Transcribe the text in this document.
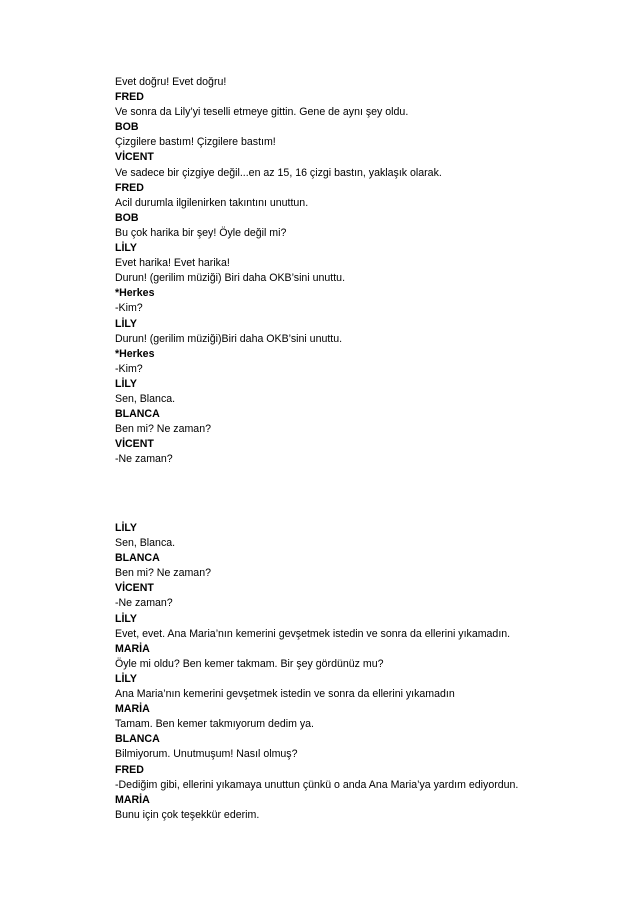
Evet doğru! Evet doğru!
FRED
Ve sonra da Lily’yi teselli etmeye gittin. Gene de aynı şey oldu.
BOB
Çizgilere bastım! Çizgilere bastım!
VİCENT
Ve sadece bir çizgiye değil...en az 15, 16 çizgi bastın, yaklaşık olarak.
FRED
Acil durumla ilgilenirken takıntını unuttun.
BOB
Bu çok harika bir şey! Öyle değil mi?
LİLY
Evet harika! Evet harika!
Durun! (gerilim müziği) Biri daha OKB’sini unuttu.
*Herkes
-Kim?
LİLY
Durun! (gerilim müziği)Biri daha OKB’sini unuttu.
*Herkes
-Kim?
LİLY
Sen, Blanca.
BLANCA
Ben mi? Ne zaman?
VİCENT
-Ne zaman?
LİLY
Sen, Blanca.
BLANCA
Ben mi? Ne zaman?
VİCENT
-Ne zaman?
LİLY
Evet, evet. Ana Maria’nın kemerini gevşetmek istedin ve sonra da ellerini yıkamadın.
MARİA
Öyle mi oldu? Ben kemer takmam. Bir şey gördünüz mu?
LİLY
Ana Maria’nın kemerini gevşetmek istedin ve sonra da ellerini yıkamadın
MARİA
Tamam. Ben kemer takmıyorum dedim ya.
BLANCA
Bilmiyorum. Unutmuşum! Nasıl olmuş?
FRED
-Dediğim gibi, ellerini yıkamaya unuttun çünkü o anda Ana Maria’ya yardım ediyordun.
MARİA
Bunu için çok teşekkür ederim.
